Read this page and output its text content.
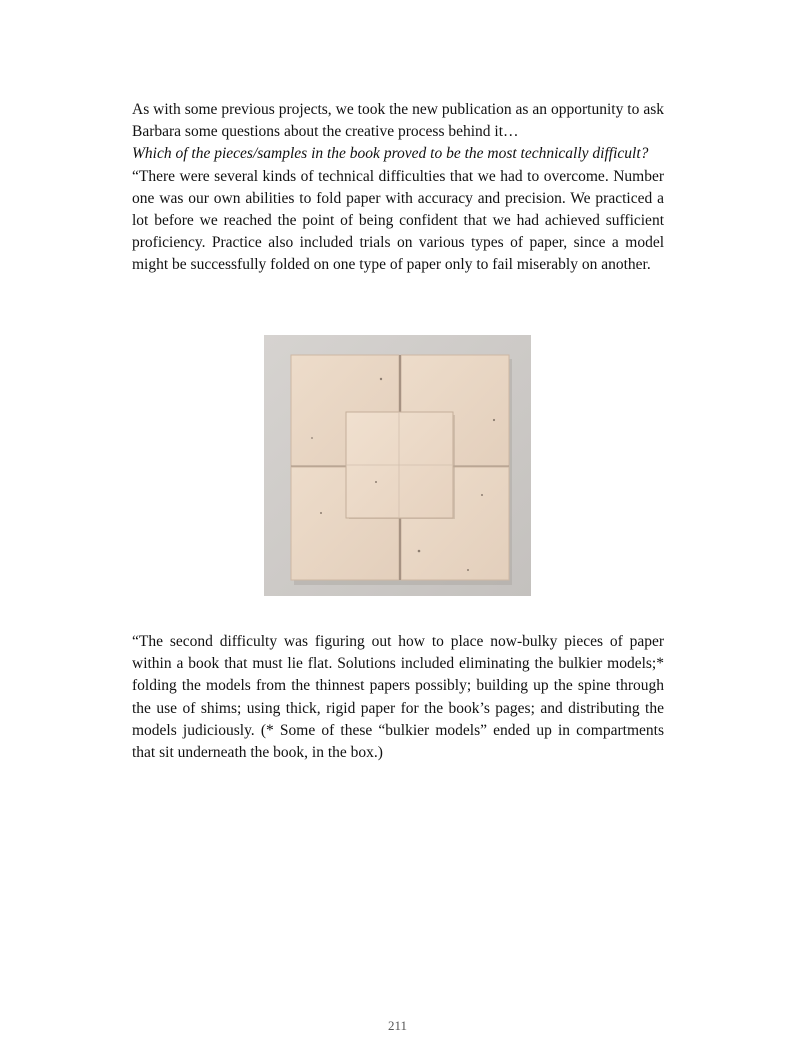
As with some previous projects, we took the new publication as an opportunity to ask Barbara some questions about the creative process behind it…

Which of the pieces/samples in the book proved to be the most technically difficult?

“There were several kinds of technical difficulties that we had to overcome. Number one was our own abilities to fold paper with accuracy and precision. We practiced a lot before we reached the point of being confident that we had achieved sufficient proficiency. Practice also included trials on various types of paper, since a model might be successfully folded on one type of paper only to fail miserably on another.

“The second difficulty was figuring out how to place now-bulky pieces of paper within a book that must lie flat. Solutions included eliminating the bulkier models;* folding the models from the thinnest papers possibly; building up the spine through the use of shims; using thick, rigid paper for the book’s pages; and distributing the models judiciously. (* Some of these “bulkier models” ended up in compartments that sit underneath the book, in the box.)

211
